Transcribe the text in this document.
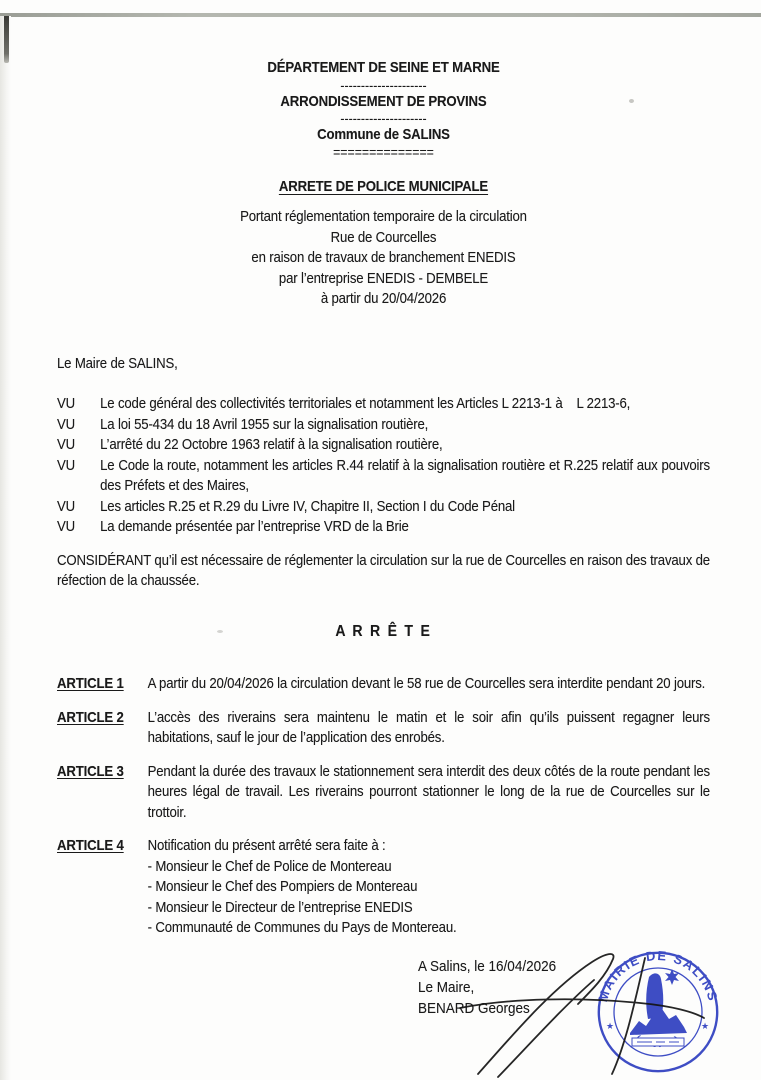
DÉPARTEMENT DE SEINE ET MARNE
---------------------
ARRONDISSEMENT DE PROVINS
---------------------
Commune de SALINS
==============
ARRETE DE POLICE MUNICIPALE
Portant réglementation temporaire de la circulation
Rue de Courcelles
en raison de travaux de branchement ENEDIS
par l’entreprise ENEDIS - DEMBELE
à partir du 20/04/2026
Le Maire de SALINS,
VU	Le code général des collectivités territoriales et notamment les Articles L 2213-1 à    L 2213-6,
VU	La loi 55-434 du 18 Avril 1955 sur la signalisation routière,
VU	L’arrêté du 22 Octobre 1963 relatif à la signalisation routière,
VU	Le Code la route, notamment les articles R.44 relatif à la signalisation routière et R.225 relatif aux pouvoirs des Préfets et des Maires,
VU	Les articles R.25 et R.29 du Livre IV, Chapitre II, Section I du Code Pénal
VU	La demande présentée par l’entreprise VRD de la Brie
CONSIDÉRANT qu’il est nécessaire de réglementer la circulation sur la rue de Courcelles en raison des travaux de réfection de la chaussée.
A R R Ê T E
ARTICLE 1	A partir du 20/04/2026 la circulation devant le 58 rue de Courcelles sera interdite pendant 20 jours.
ARTICLE 2	L’accès des riverains sera maintenu le matin et le soir afin qu’ils puissent regagner leurs habitations, sauf le jour de l’application des enrobés.
ARTICLE 3	Pendant la durée des travaux le stationnement sera interdit des deux côtés de la route pendant les heures légal de travail. Les riverains pourront stationner le long de la rue de Courcelles sur le trottoir.
ARTICLE 4	Notification du présent arrêté sera faite à :
- Monsieur le Chef de Police de Montereau
- Monsieur le Chef des Pompiers de Montereau
- Monsieur le Directeur de l’entreprise ENEDIS
- Communauté de Communes du Pays de Montereau.
A Salins, le 16/04/2026
Le Maire,
BENARD Georges
MAIRIE DE SALINS
★	★
